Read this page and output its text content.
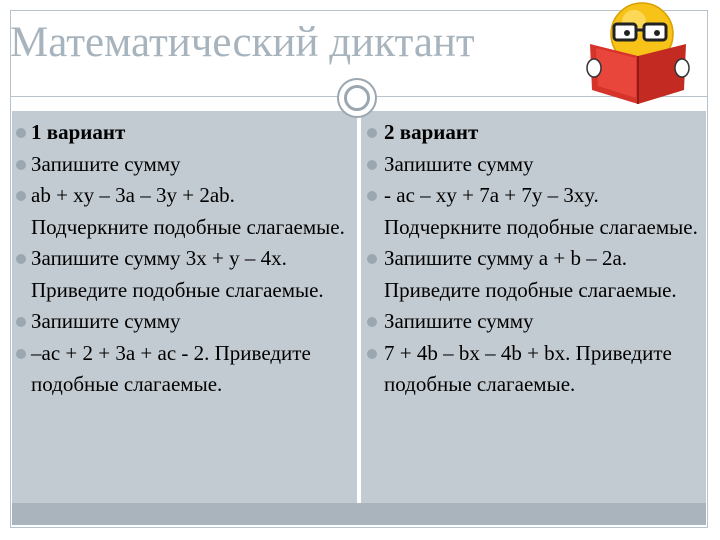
Математический диктант
1 вариант
Запишите сумму
ab + xy – 3a – 3y + 2ab. Подчеркните подобные слагаемые.
Запишите сумму 3x + y – 4x. Приведите подобные слагаемые.
Запишите сумму
–ac + 2 + 3a + ac - 2. Приведите подобные слагаемые.
2 вариант
Запишите сумму
- ac – xy + 7a + 7y – 3xy. Подчеркните подобные слагаемые.
Запишите сумму a + b – 2a. Приведите подобные слагаемые.
Запишите сумму
7 + 4b – bx – 4b + bx. Приведите подобные слагаемые.
